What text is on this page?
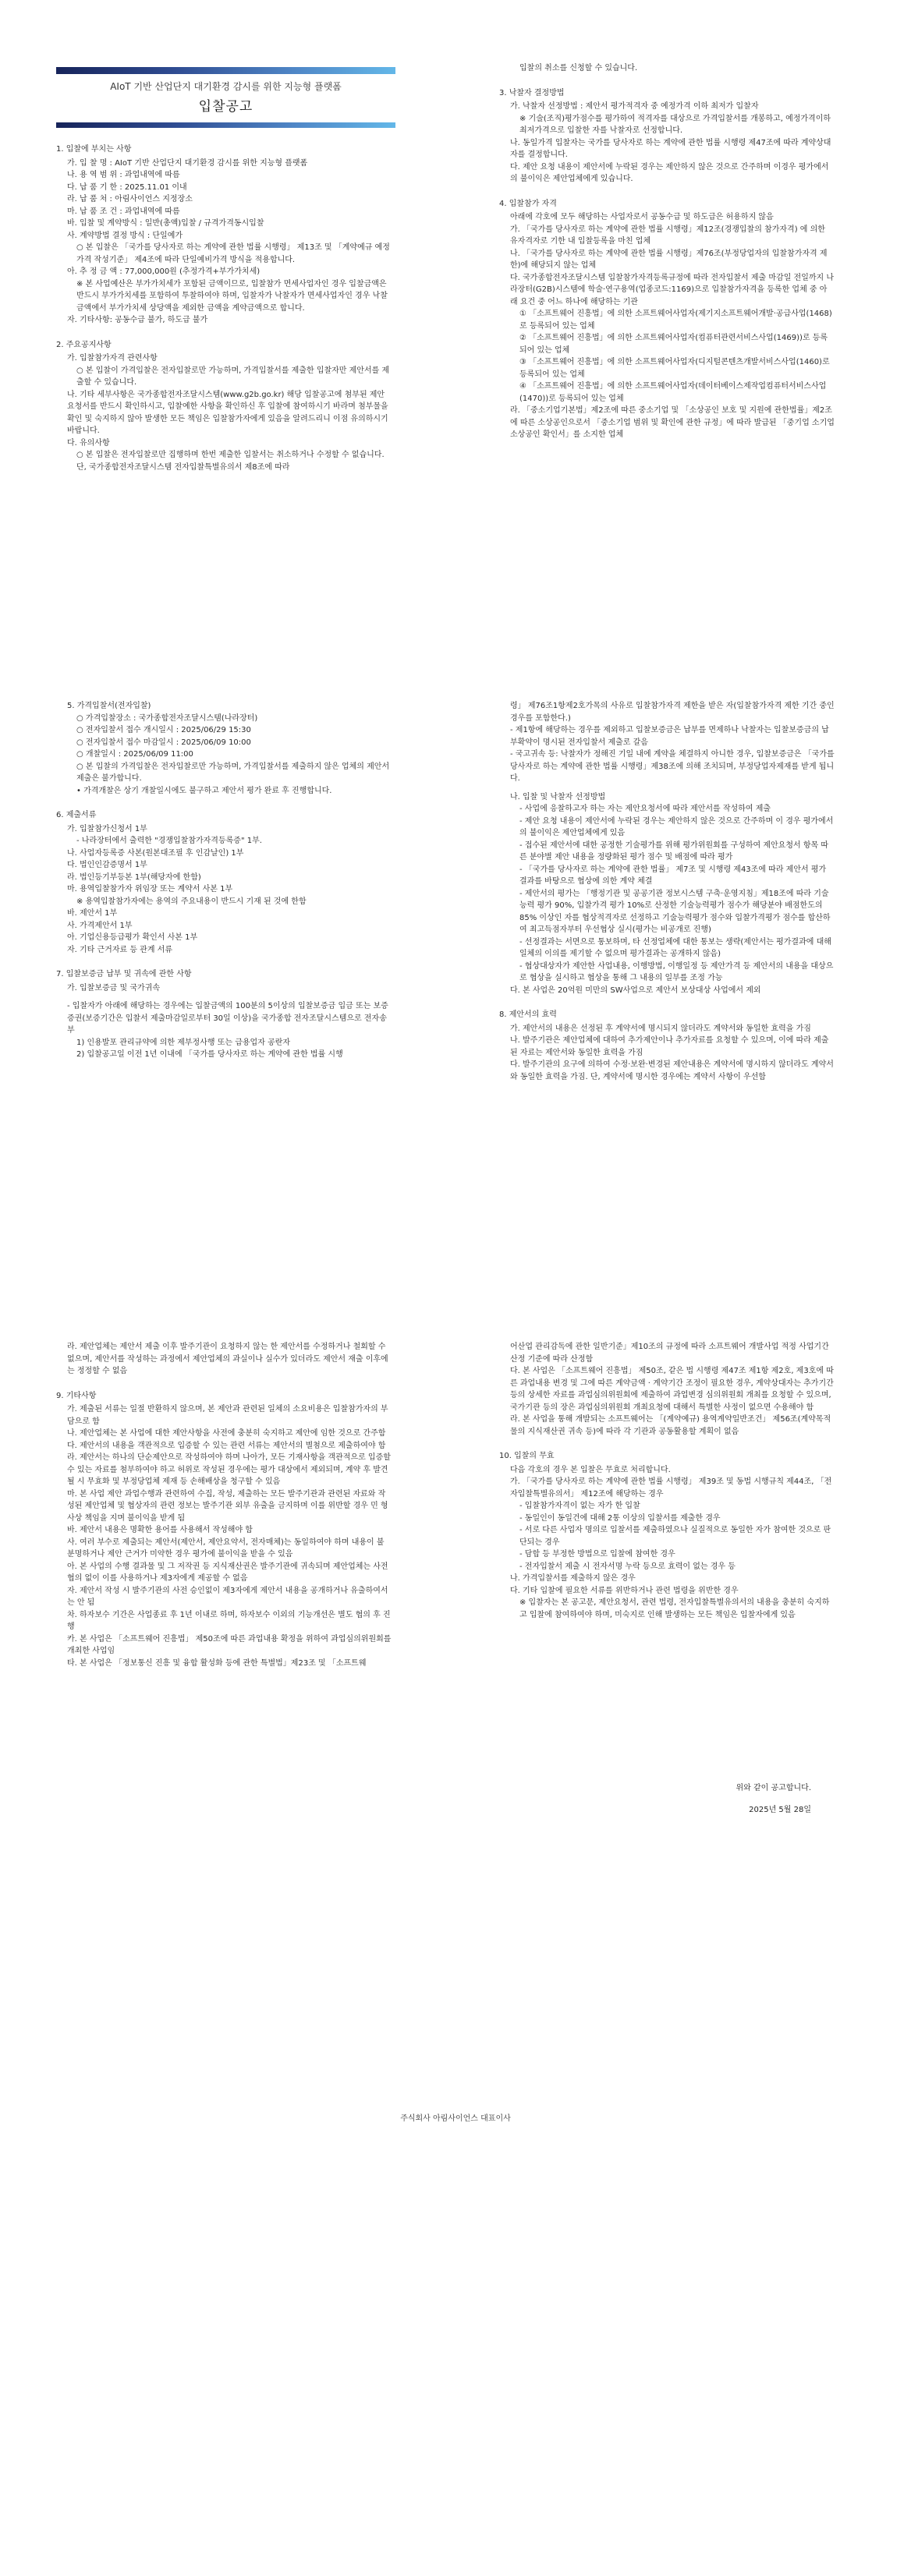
AIoT 기반 산업단지 대기환경 감시를 위한 지능형 플랫폼
입찰공고

1. 입찰에 부치는 사항

가. 입 찰 명 : AIoT 기반 산업단지 대기환경 감시를 위한 지능형 플랫폼

나. 용 역 범 위 : 과업내역에 따름

다. 납 품 기 한 : 2025.11.01 이내

라. 납 품 처 : 아림사이언스 지정장소

마. 납 품 조 건 : 과업내역에 따름

바. 입찰 및 계약방식 : 일반(총액)입찰 / 규격가격동시입찰

사. 계약방법 결정 방식 : 단일예가

○ 본 입찰은 「국가를 당사자로 하는 계약에 관한 법률 시행령」 제13조 및 「계약예규 예정가격 작성기준」 제4조에 따라 단일예비가격 방식을 적용합니다.

아. 추 정 금 액 : 77,000,000원 (추정가격+부가가치세)

※ 본 사업예산은 부가가치세가 포함된 금액이므로, 입찰참가 면세사업자인 경우 입찰금액은 반드시 부가가치세를 포함하여 투찰하여야 하며, 입찰자가 낙찰자가 면세사업자인 경우 낙찰금액에서 부가가치세 상당액을 제외한 금액을 계약금액으로 합니다.

자. 기타사항: 공동수급 불가, 하도급 불가

2. 주요공지사항

가. 입찰참가자격 관련사항

○ 본 입찰이 가격입찰은 전자입찰로만 가능하며, 가격입찰서를 제출한 입찰자만 제안서를 제출할 수 있습니다.

나. 기타 세부사항은 국가종합전자조달시스템(www.g2b.go.kr) 해당 입찰공고에 첨부된 제안요청서를 반드시 확인하시고, 입찰예한 사항을 확인하신 후 입찰에 참여하시기 바라며 첨부물을 확인 및 숙지하지 않아 발생한 모든 책임은 입찰참가자에게 있음을 알려드리니 이점 유의하시기 바랍니다.

다. 유의사항

○ 본 입찰은 전자입찰로만 집행하며 한번 제출한 입찰서는 취소하거나 수정할 수 없습니다. 단, 국가종합전자조달시스템 전자입찰특별유의서 제8조에 따라

입찰의 취소를 신청할 수 있습니다.

3. 낙찰자 결정방법

가. 낙찰자 선정방법 : 제안서 평가적격자 중 예정가격 이하 최저가 입찰자

※ 기술(조직)평가점수를 평가하여 적격자를 대상으로 가격입찰서를 개봉하고, 예정가격이하 최저가격으로 입찰한 자를 낙찰자로 선정합니다.

나. 동일가격 입찰자는 국가를 당사자로 하는 계약에 관한 법률 시행령 제47조에 따라 계약상대자를 결정합니다.

다. 제안 요청 내용이 제안서에 누락된 경우는 제안하지 않은 것으로 간주하며 이경우 평가에서의 불이익은 제안업체에게 있습니다.

4. 입찰참가 자격

아래에 각호에 모두 해당하는 사업자로서 공동수급 및 하도급은 허용하지 않음

가. 「국가를 당사자로 하는 계약에 관한 법률 시행령」제12조(경쟁입찰의 참가자격) 에 의한 유자격자로 기한 내 입찰등록을 마친 업체

나. 「국가를 당사자로 하는 계약에 관한 법률 시행령」제76조(부정당업자의 입찰참가자격 제한)에 해당되지 않는 업체

다. 국가종합전자조달시스템 입찰참가자격등록규정에 따라 전자입찰서 제출 마감일 전일까지 나라장터(G2B)시스템에 학술·연구용역(업종코드:1169)으로 입찰참가자격을 등록한 업체 중 아래 요건 중 어느 하나에 해당하는 기관

① 「소프트웨어 진흥법」에 의한 소프트웨어사업자(제기지소프트웨어개발·공급사업(1468)로 등록되어 있는 업체

② 「소프트웨어 진흥법」에 의한 소프트웨어사업자(컴퓨터관련서비스사업(1469))로 등록되어 있는 업체

③ 「소프트웨어 진흥법」에 의한 소프트웨어사업자(디지털콘텐츠개발서비스사업(1460)로 등록되어 있는 업체

④ 「소프트웨어 진흥법」에 의한 소프트웨어사업자(데이터베이스제작업컴퓨터서비스사업(1470))로 등록되어 있는 업체

라. 「중소기업기본법」제2조에 따른 중소기업 및 「소상공인 보호 및 지원에 관한법률」제2조에 따른 소상공인으로서 「중소기업 범위 및 확인에 관한 규정」에 따라 발급된 「중기업 소기업 소상공인 확인서」를 소지한 업체

5. 가격입찰서(전자입찰)

○ 가격입찰장소 : 국가종합전자조달시스템(나라장터)

○ 전자입찰서 접수 개시일시 : 2025/06/29 15:30

○ 전자입찰서 접수 마감일시 : 2025/06/09 10:00

○ 개찰일시 : 2025/06/09 11:00

○ 본 입찰의 가격입찰은 전자입찰로만 가능하며, 가격입찰서를 제출하지 않은 업체의 제안서 제출은 불가합니다.

• 가격개찰은 상기 개찰일시에도 불구하고 제안서 평가 완료 후 진행합니다.

6. 제출서류

가. 입찰참가신청서 1부

- 나라장터에서 출력한 "경쟁입찰참가자격등록증" 1부.

나. 사업자등록증 사본(원본대조필 후 인감날인) 1부

다. 법인인감증명서 1부

라. 법인등기부등본 1부(해당자에 한함)

마. 용역입찰참가자 위임장 또는 계약서 사본 1부

※ 용역입찰참가자에는 용역의 주요내용이 반드시 기재 된 것에 한함

바. 제안서 1부

사. 가격제안서 1부

아. 기업신용등급평가 확인서 사본 1부

자. 기타 근거자료 등 관계 서류

7. 입찰보증금 납부 및 귀속에 관한 사항

가. 입찰보증금 및 국가귀속

- 입찰자가 아래에 해당하는 경우에는 입찰금액의 100분의 5이상의 입찰보증금 입금 또는 보증증권(보증기간은 입찰서 제출마감일로부터 30일 이상)을 국가종합 전자조달시스템으로 전자송부

1) 인용발포 관리규약에 의한 제부정사행 또는 급용업자 공란자

2) 입찰공고일 이전 1년 이내에 「국가를 당사자로 하는 계약에 관한 법률 시행

령」 제76조1항제2호가목의 사유로 입찰참가자격 제한을 받은 자(입찰참가자격 제한 기간 중인 경우를 포함한다.)

- 제1항에 해당하는 경우를 제외하고 입찰보증금은 납부를 면제하나 낙찰자는 입찰보증금의 납부확약이 명시된 전자입찰서 제출로 갈음

- 국고귀속 등: 낙찰자가 정해진 기일 내에 계약을 체결하지 아니한 경우, 입찰보증금은 「국가를 당사자로 하는 계약에 관한 법률 시행령」제38조에 의해 조치되며, 부정당업자제재를 받게 됩니다.

나. 입찰 및 낙찰자 선정방법

- 사업에 응찰하고자 하는 자는 제안요청서에 따라 제안서를 작성하여 제출

- 제안 요청 내용이 제안서에 누락된 경우는 제안하지 않은 것으로 간주하며 이 경우 평가에서의 불이익은 제안업체에게 있음

- 접수된 제안서에 대한 공정한 기술평가를 위해 평가위원회를 구성하여 제안요청서 항목 따른 분야별 제안 내용을 정량화된 평가 점수 및 배점에 따라 평가

- 「국가를 당사자로 하는 계약에 관한 법률」 제7조 및 시행령 제43조에 따라 제안서 평가 결과를 바탕으로 협상에 의한 계약 체결

- 제안서의 평가는 「행정기관 및 공공기관 정보시스템 구축·운영지침」제18조에 따라 기술능력 평가 90%, 입찰가격 평가 10%로 산정한 기술능력평가 점수가 해당분야 배점한도의 85% 이상인 자를 협상적격자로 선정하고 기술능력평가 점수와 입찰가격평가 점수를 합산하여 최고득점자부터 우선협상 실시(평가는 비공개로 진행)

- 선정결과는 서면으로 통보하며, 타 선정업체에 대한 통보는 생략(제안서는 평가결과에 대해 일체의 이의를 제기할 수 없으며 평가결과는 공개하지 않음)

- 협상대상자가 제안한 사업내용, 이행방법, 이행일정 등 제안가격 등 제안서의 내용을 대상으로 협상을 실시하고 협상을 통해 그 내용의 일부를 조정 가능

다. 본 사업은 20억원 미만의 SW사업으로 제안서 보상대상 사업에서 제외

8. 제안서의 효력

가. 제안서의 내용은 선정된 후 계약서에 명시되지 않더라도 계약서와 동일한 효력을 가짐

나. 발주기관은 제안업체에 대하여 추가제안이나 추가자료를 요청할 수 있으며, 이에 따라 제출된 자료는 제안서와 동일한 효력을 가짐

다. 발주기관의 요구에 의하여 수정·보완·변경된 제안내용은 계약서에 명시하지 않더라도 계약서와 동일한 효력을 가짐. 단, 계약서에 명시한 경우에는 계약서 사항이 우선함

라. 제안업체는 제안서 제출 이후 발주기관이 요청하지 않는 한 제안서를 수정하거나 철회할 수 없으며, 제안서를 작성하는 과정에서 제안업체의 과실이나 실수가 있더라도 제안서 재출 이후에는 정정할 수 없음

9. 기타사항

가. 제출된 서류는 일절 반환하지 않으며, 본 제안과 관련된 일체의 소요비용은 입찰참가자의 부담으로 함

나. 제안업체는 본 사업에 대한 제안사항을 사전에 충분히 숙지하고 제안에 임한 것으로 간주함

다. 제안서의 내용을 객관적으로 입증할 수 있는 관련 서류는 제안서의 별첨으로 제출하여야 함

라. 제안서는 하나의 단순제안으로 작성하여야 하며 나아가, 모든 기재사항을 객관적으로 입증할 수 있는 자료를 첨부하여야 하고 허위로 작성된 경우에는 평가 대상에서 제외되며, 계약 후 발견될 시 무효화 및 부정당업체 제재 등 손해배상을 청구할 수 있음

마. 본 사업 제안 과업수행과 관련하여 수집, 작성, 제출하는 모든 발주기관과 관련된 자료와 작성된 제안업체 및 협상자의 관련 정보는 발주기관 외부 유출을 금지하며 이를 위반할 경우 민 형사상 책임을 지며 불이익을 받게 됨

바. 제안서 내용은 명확한 용어를 사용해서 작성해야 함

사. 여러 부수로 제출되는 제안서(제안서, 제안요약서, 전자매체)는 동일하여야 하며 내용이 불분명하거나 제안 근거가 미약한 경우 평가에 불이익을 받을 수 있음

아. 본 사업의 수행 결과물 및 그 저작권 등 지식재산권은 발주기관에 귀속되며 제안업체는 사전 협의 없이 이를 사용하거나 제3자에게 제공할 수 없음

자. 제안서 작성 시 발주기관의 사전 승인없이 제3자에게 제안서 내용을 공개하거나 유출하여서는 안 됨

차. 하자보수 기간은 사업종료 후 1년 이내로 하며, 하자보수 이외의 기능개선은 별도 협의 후 진행

카. 본 사업은 「소프트웨어 진흥법」 제50조에 따른 과업내용 확정을 위하여 과업심의위원회를 개최한 사업임

타. 본 사업은 「정보통신 진흥 및 융합 활성화 등에 관한 특별법」제23조 및 「소프트웨

어산업 관리감독에 관한 일반기준」제10조의 규정에 따라 소프트웨어 개발사업 적정 사업기간 산정 기준에 따라 산정함

다. 본 사업은 「소프트웨어 진흥법」 제50조, 같은 법 시행령 제47조 제1항 제2호, 제3호에 따른 과업내용 변경 및 그에 따른 계약금액 · 계약기간 조정이 필요한 경우, 계약상대자는 추가기간 등의 상세한 자료를 과업심의위원회에 제출하여 과업변경 심의위원회 개최를 요청할 수 있으며, 국가기관 등의 장은 과업심의위원회 개최요청에 대해서 특별한 사정이 없으면 수용해야 함

라. 본 사업을 통해 개발되는 소프트웨어는 「(계약예규) 용역계약일반조건」 제56조(계약목적물의 지식재산권 귀속 등)에 따라 각 기관과 공동활용할 계획이 없음

10. 입찰의 무효

다음 각호의 경우 본 입찰은 무효로 처리합니다.

가. 「국가를 당사자로 하는 계약에 관한 법률 시행령」 제39조 및 동법 시행규칙 제44조, 「전자입찰특별유의서」 제12조에 해당하는 경우

- 입찰참가자격이 없는 자가 한 입찰

- 동일인이 동일건에 대해 2통 이상의 입찰서를 제출한 경우

- 서로 다른 사업자 명의로 입찰서를 제출하였으나 실질적으로 동일한 자가 참여한 것으로 판단되는 경우

- 담합 등 부정한 방법으로 입찰에 참여한 경우

- 전자입찰서 제출 시 전자서명 누락 등으로 효력이 없는 경우 등

나. 가격입찰서를 제출하지 않은 경우

다. 기타 입찰에 필요한 서류를 위반하거나 관련 법령을 위반한 경우

※ 입찰자는 본 공고문, 제안요청서, 관련 법령, 전자입찰특별유의서의 내용을 충분히 숙지하고 입찰에 참여하여야 하며, 미숙지로 인해 발생하는 모든 책임은 입찰자에게 있음

위와 같이 공고합니다.
2025년 5월 28일
주식회사 아림사이언스 대표이사
